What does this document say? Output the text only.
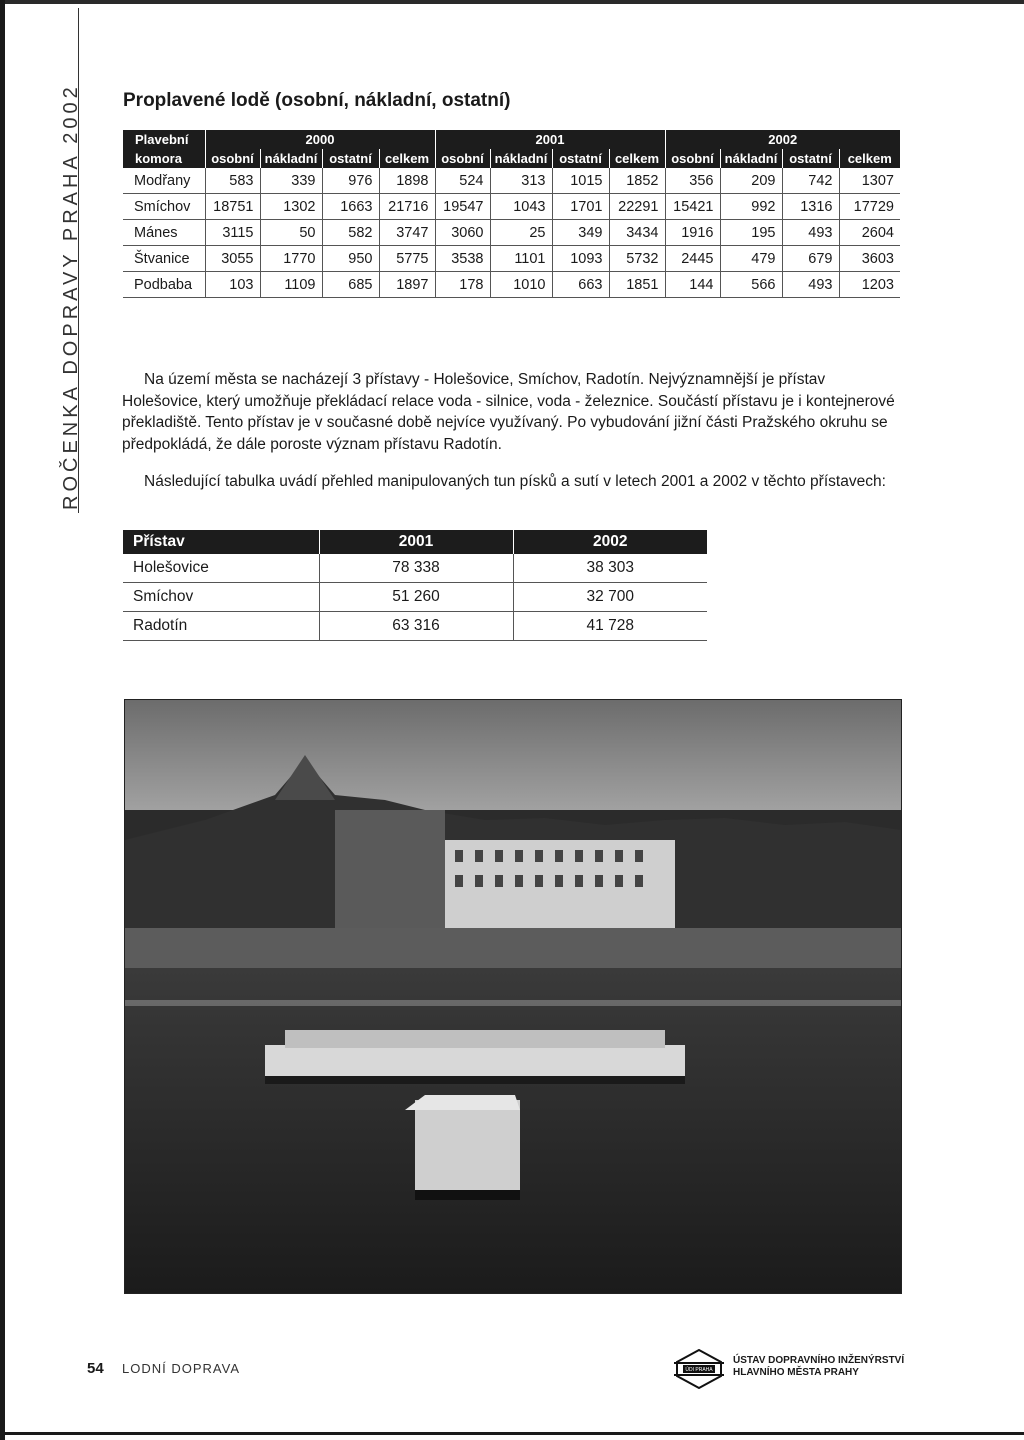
ROČENKA DOPRAVY PRAHA 2002 Proplavené lodě (osobní, nákladní, ostatní)
Plavební	2000				2001				2002			
komora	osobní	nákladní	ostatní	celkem	osobní	nákladní	ostatní	celkem	osobní	nákladní	ostatní	celkem
Modřany	583	339	976	1898	524	313	1015	1852	356	209	742	1307
Smíchov	18751	1302	1663	21716	19547	1043	1701	22291	15421	992	1316	17729
Mánes	3115	50	582	3747	3060	25	349	3434	1916	195	493	2604
Štvanice	3055	1770	950	5775	3538	1101	1093	5732	2445	479	679	3603
Podbaba	103	1109	685	1897	178	1010	663	1851	144	566	493	1203
Na území města se nacházejí 3 přístavy - Holešovice, Smíchov, Radotín. Nejvýznamnější je přístav Holešovice, který umožňuje překládací relace voda - silnice, voda - železnice. Součástí přístavu je i kontejnerové překladiště. Tento přístav je v současné době nejvíce využívaný. Po vybudování jižní části Pražského okruhu se předpokládá, že dále poroste význam přístavu Radotín.
Následující tabulka uvádí přehled manipulovaných tun písků a sutí v letech 2001 a 2002 v těchto přístavech:
Přístav	2001	2002
Holešovice	78 338	38 303
Smíchov	51 260	32 700
Radotín	63 316	41 728
54 LODNÍ DOPRAVA	ÚDI PRAHA
ÚSTAV DOPRAVNÍHO INŽENÝRSTVÍ
HLAVNÍHO MĚSTA PRAHY
